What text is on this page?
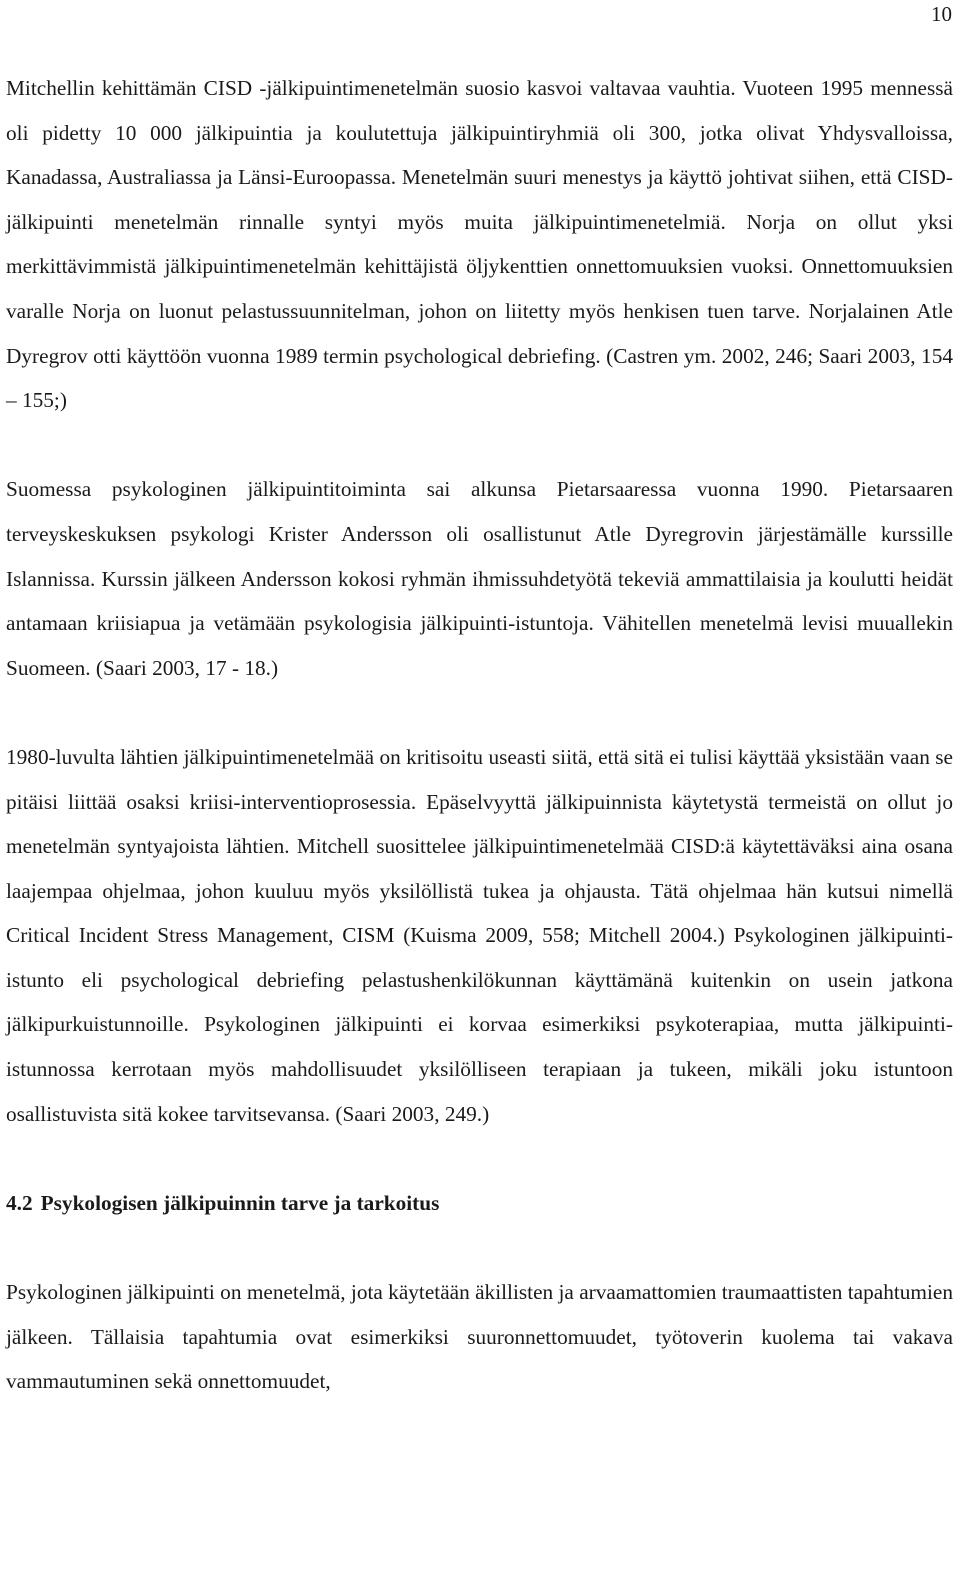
10

Mitchellin kehittämän CISD -jälkipuintimenetelmän suosio kasvoi valtavaa vauhtia. Vuoteen 1995 mennessä oli pidetty 10 000 jälkipuintia ja koulutettuja jälkipuintiryhmiä oli 300, jotka olivat Yhdysvalloissa, Kanadassa, Australiassa ja Länsi-Euroopassa. Menetelmän suuri menestys ja käyttö johtivat siihen, että CISD-jälkipuinti menetelmän rinnalle syntyi myös muita jälkipuintimenetelmiä. Norja on ollut yksi merkittävimmistä jälkipuintimenetelmän kehittäjistä öljykenttien onnettomuuksien vuoksi. Onnettomuuksien varalle Norja on luonut pelastussuunnitelman, johon on liitetty myös henkisen tuen tarve. Norjalainen Atle Dyregrov otti käyttöön vuonna 1989 termin psychological debriefing. (Castren ym. 2002, 246; Saari 2003, 154 – 155;)

Suomessa psykologinen jälkipuintitoiminta sai alkunsa Pietarsaaressa vuonna 1990. Pietarsaaren terveyskeskuksen psykologi Krister Andersson oli osallistunut Atle Dyregrovin järjestämälle kurssille Islannissa. Kurssin jälkeen Andersson kokosi ryhmän ihmissuhdetyötä tekeviä ammattilaisia ja koulutti heidät antamaan kriisiapua ja vetämään psykologisia jälkipuinti-istuntoja. Vähitellen menetelmä levisi muuallekin Suomeen. (Saari 2003, 17 - 18.)

1980-luvulta lähtien jälkipuintimenetelmää on kritisoitu useasti siitä, että sitä ei tulisi käyttää yksistään vaan se pitäisi liittää osaksi kriisi-interventioprosessia. Epäselvyyttä jälkipuinnista käytetystä termeistä on ollut jo menetelmän syntyajoista lähtien. Mitchell suosittelee jälkipuintimenetelmää CISD:ä käytettäväksi aina osana laajempaa ohjelmaa, johon kuuluu myös yksilöllistä tukea ja ohjausta. Tätä ohjelmaa hän kutsui nimellä Critical Incident Stress Management, CISM (Kuisma 2009, 558; Mitchell 2004.) Psykologinen jälkipuinti-istunto eli psychological debriefing pelastushenkilökunnan käyttämänä kuitenkin on usein jatkona jälkipurkuistunnoille. Psykologinen jälkipuinti ei korvaa esimerkiksi psykoterapiaa, mutta jälkipuinti-istunnossa kerrotaan myös mahdollisuudet yksilölliseen terapiaan ja tukeen, mikäli joku istuntoon osallistuvista sitä kokee tarvitsevansa. (Saari 2003, 249.)

4.2 Psykologisen jälkipuinnin tarve ja tarkoitus

Psykologinen jälkipuinti on menetelmä, jota käytetään äkillisten ja arvaamattomien traumaattisten tapahtumien jälkeen. Tällaisia tapahtumia ovat esimerkiksi suuronnettomuudet, työtoverin kuolema tai vakava vammautuminen sekä onnettomuudet,
